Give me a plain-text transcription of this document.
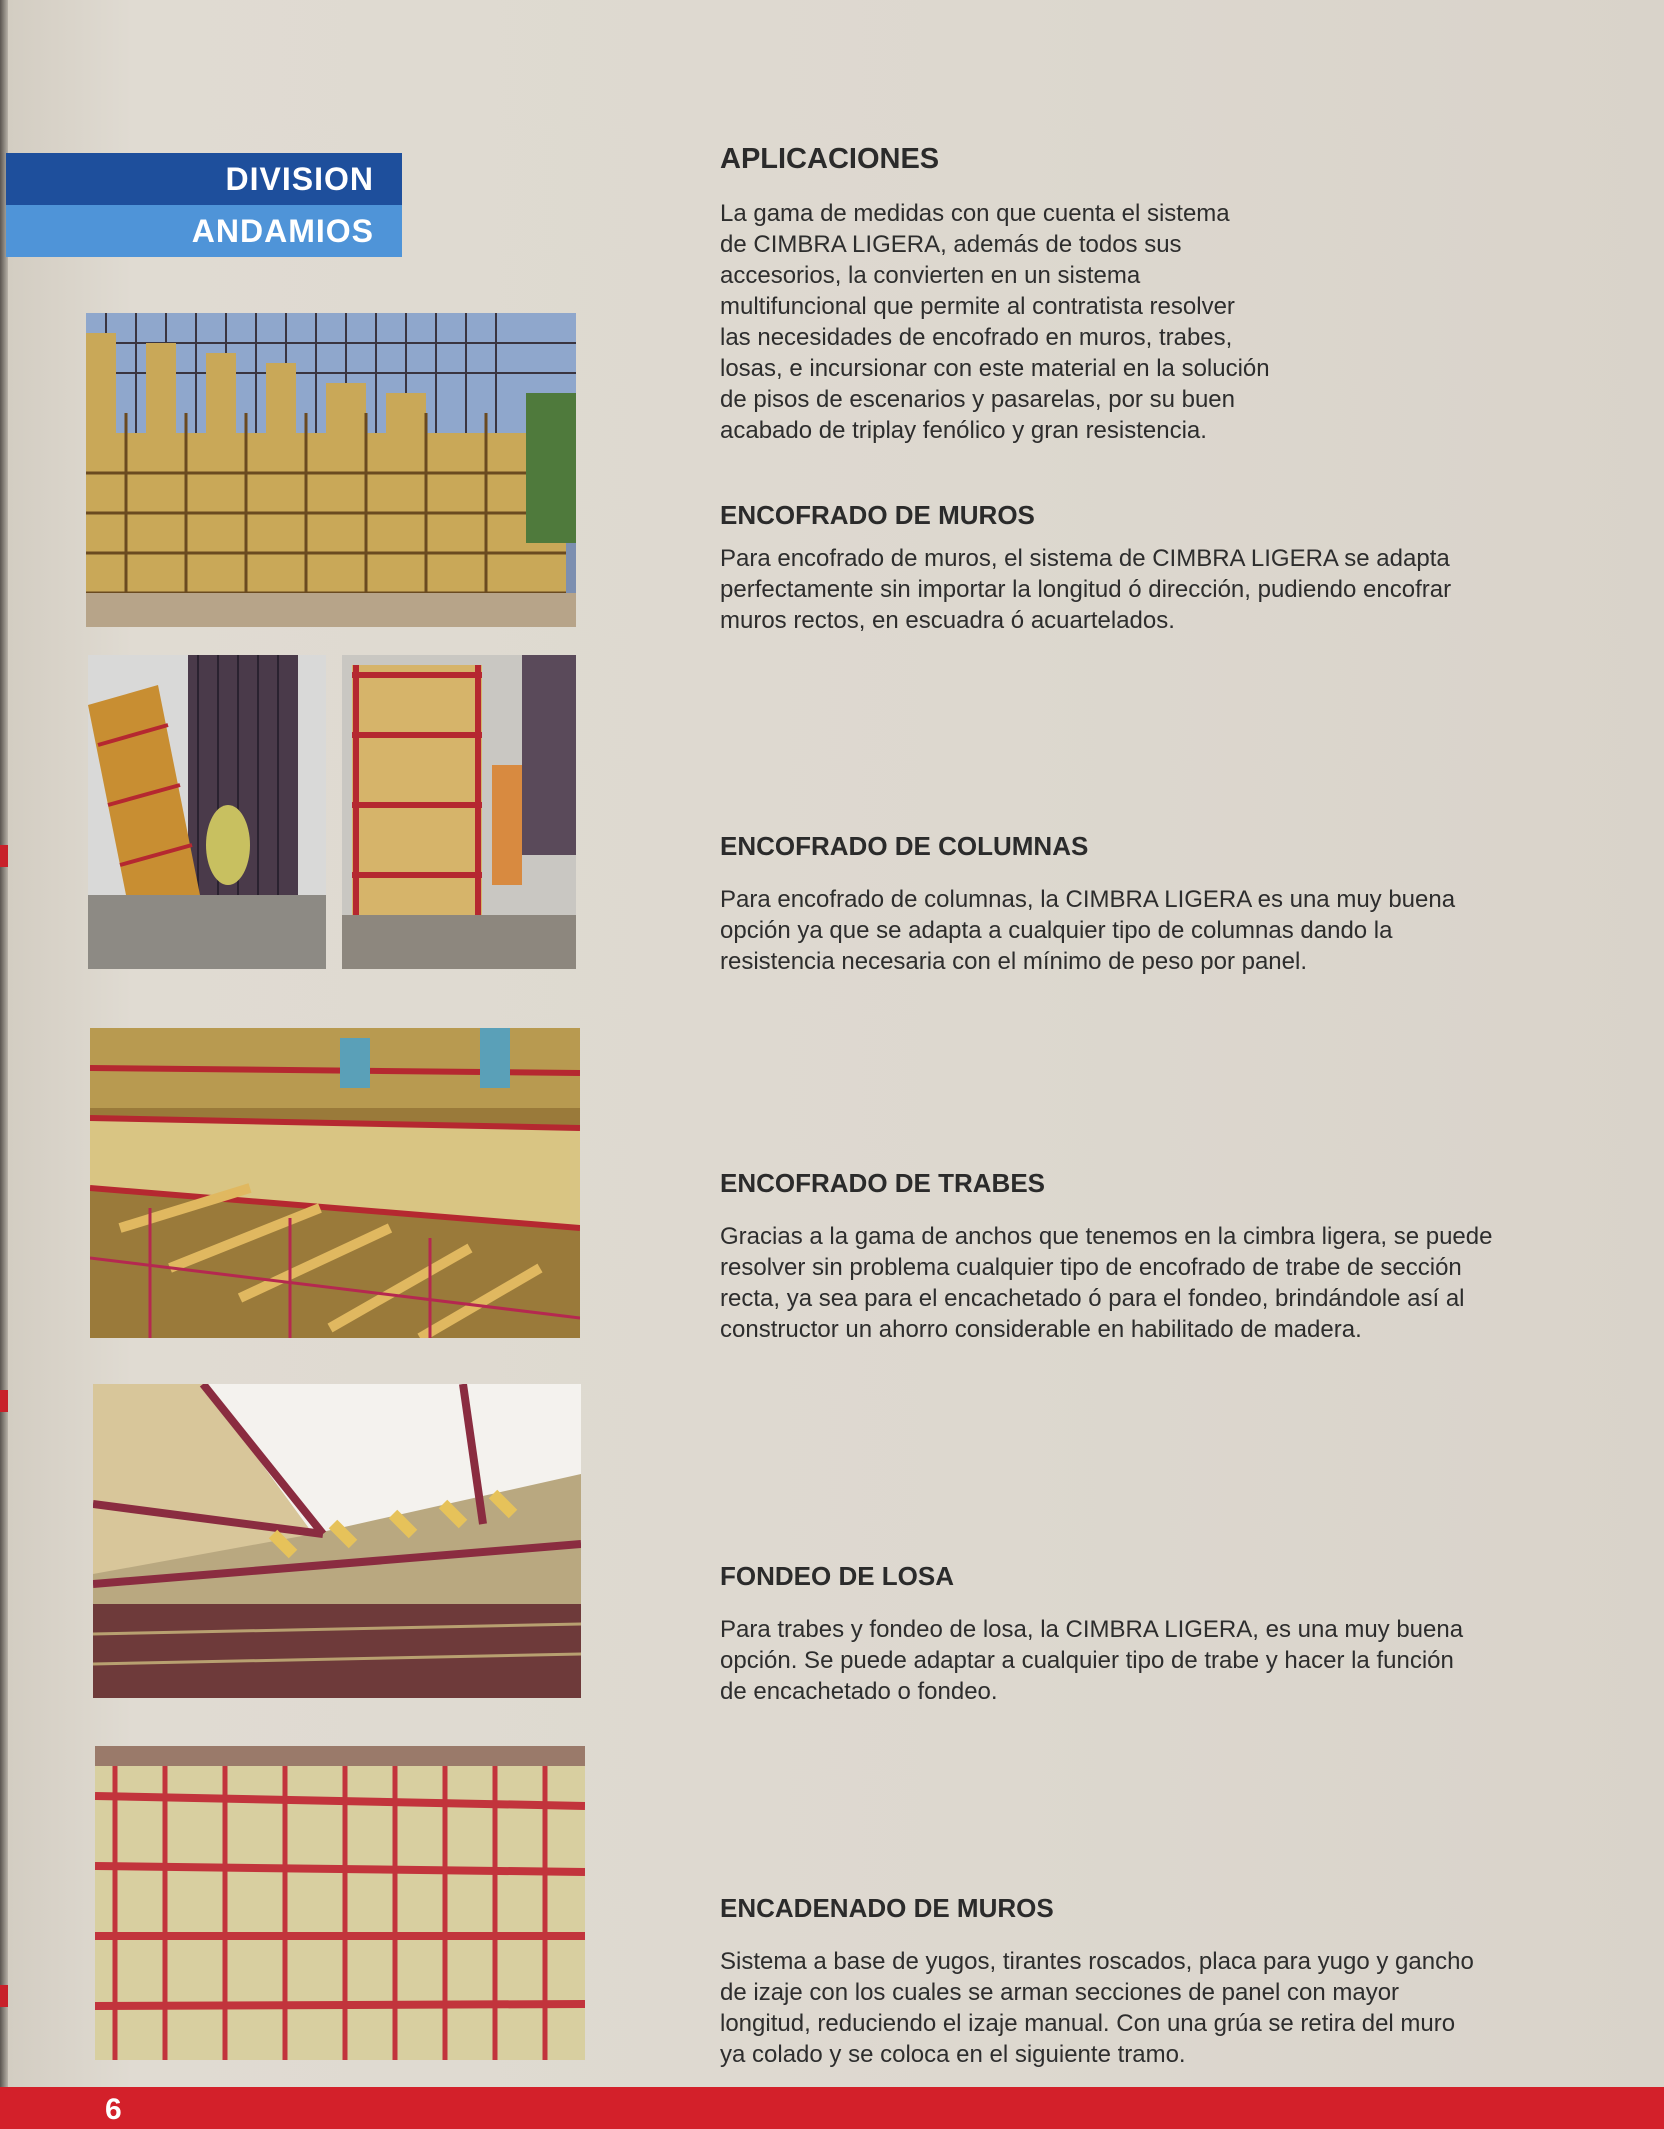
DIVISION
ANDAMIOS
APLICACIONES

La gama de medidas con que cuenta el sistema
de CIMBRA LIGERA, además de todos sus
accesorios, la convierten en un sistema
multifuncional que permite al contratista resolver
las necesidades de encofrado en muros, trabes,
losas, e incursionar con este material en la solución
de pisos de escenarios y pasarelas, por su buen
acabado de triplay fenólico y gran resistencia.

ENCOFRADO DE MUROS

Para encofrado de muros, el sistema de CIMBRA LIGERA se adapta
perfectamente sin importar la longitud ó dirección, pudiendo encofrar
muros rectos, en escuadra ó acuartelados.

ENCOFRADO DE COLUMNAS

Para encofrado de columnas, la CIMBRA LIGERA es una muy buena
opción ya que se adapta a cualquier tipo de columnas dando la
resistencia necesaria con el mínimo de peso por panel.

ENCOFRADO DE TRABES

Gracias a la gama de anchos que tenemos en la cimbra ligera, se puede
resolver sin problema cualquier tipo de encofrado de trabe de sección
recta, ya sea para el encachetado ó para el fondeo, brindándole así al
constructor un ahorro considerable en habilitado de madera.

FONDEO DE LOSA

Para trabes y fondeo de losa, la CIMBRA LIGERA, es una muy buena
opción. Se puede adaptar a cualquier tipo de trabe y hacer la función
de encachetado o fondeo.

ENCADENADO DE MUROS

Sistema a base de yugos, tirantes roscados, placa para yugo y gancho
de izaje con los cuales se arman secciones de panel con mayor
longitud, reduciendo el izaje manual. Con una grúa se retira del muro
ya colado y se coloca en el siguiente tramo.

6
